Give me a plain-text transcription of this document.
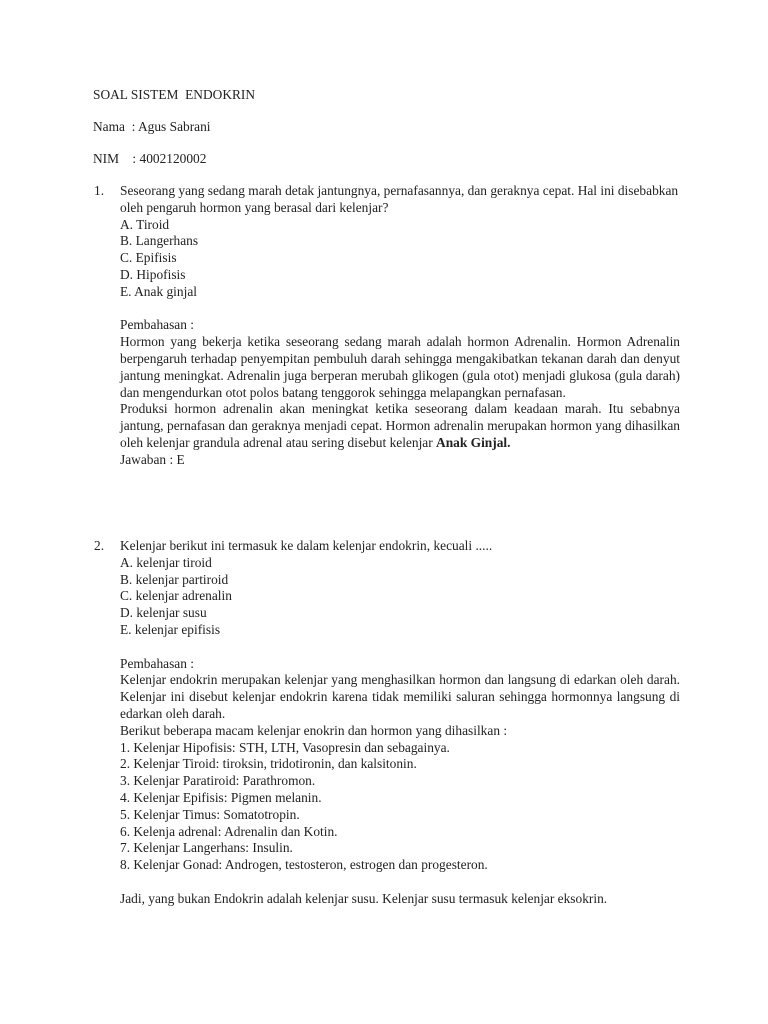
SOAL SISTEM  ENDOKRIN
Nama  : Agus Sabrani
NIM    : 4002120002
1. Seseorang yang sedang marah detak jantungnya, pernafasannya, dan geraknya cepat. Hal ini disebabkan oleh pengaruh hormon yang berasal dari kelenjar?
A. Tiroid
B. Langerhans
C. Epifisis
D. Hipofisis
E. Anak ginjal
Pembahasan :
Hormon yang bekerja ketika seseorang sedang marah adalah hormon Adrenalin. Hormon Adrenalin berpengaruh terhadap penyempitan pembuluh darah sehingga mengakibatkan tekanan darah dan denyut jantung meningkat. Adrenalin juga berperan merubah glikogen (gula otot) menjadi glukosa (gula darah) dan mengendurkan otot polos batang tenggorok sehingga melapangkan pernafasan.
Produksi hormon adrenalin akan meningkat ketika seseorang dalam keadaan marah. Itu sebabnya jantung, pernafasan dan geraknya menjadi cepat. Hormon adrenalin merupakan hormon yang dihasilkan oleh kelenjar grandula adrenal atau sering disebut kelenjar Anak Ginjal.
Jawaban : E
2. Kelenjar berikut ini termasuk ke dalam kelenjar endokrin, kecuali .....
A. kelenjar tiroid
B. kelenjar partiroid
C. kelenjar adrenalin
D. kelenjar susu
E. kelenjar epifisis
Pembahasan :
Kelenjar endokrin merupakan kelenjar yang menghasilkan hormon dan langsung di edarkan oleh darah. Kelenjar ini disebut kelenjar endokrin karena tidak memiliki saluran sehingga hormonnya langsung di edarkan oleh darah.
Berikut beberapa macam kelenjar enokrin dan hormon yang dihasilkan :
1. Kelenjar Hipofisis: STH, LTH, Vasopresin dan sebagainya.
2. Kelenjar Tiroid: tiroksin, tridotironin, dan kalsitonin.
3. Kelenjar Paratiroid: Parathromon.
4. Kelenjar Epifisis: Pigmen melanin.
5. Kelenjar Timus: Somatotropin.
6. Kelenja adrenal: Adrenalin dan Kotin.
7. Kelenjar Langerhans: Insulin.
8. Kelenjar Gonad: Androgen, testosteron, estrogen dan progesteron.
Jadi, yang bukan Endokrin adalah kelenjar susu. Kelenjar susu termasuk kelenjar eksokrin.
